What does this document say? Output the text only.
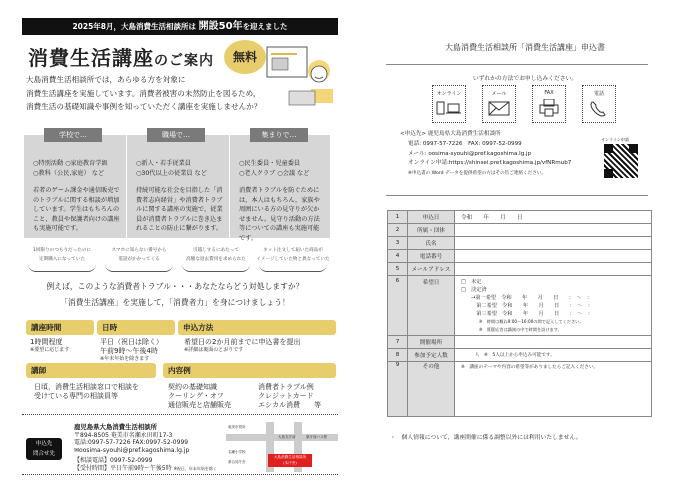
2025年8月，大島消費生活相談所は 開設50年を迎えました
消費生活講座のご案内	無料
大島消費生活相談所では，あらゆる方を対象に
消費生活講座を実施しています。消費者被害の未然防止を図るため，
消費生活の基礎知識や事例を知っていただく講座を実施しませんか？
学校で…
○特別活動 ○家庭教育学級
○教科（公民,家庭） など
若者のゲーム課金や通信販売でのトラブルに関する相談が増加しています。学生はもちろんのこと，教員や保護者向けの講座も実施可能です。
職場で…
○新人・若手従業員
○30代以上の従業員 など
持続可能な社会を目指した「消費者志向経営」や消費者トラブルに関する講座の実施で，従業員が消費者トラブルに巻き込まれることの防止に繋がります。
集まりで…
○民生委員・児童委員
○老人クラブ ○会議 など
消費者トラブルを防ぐためには，本人はもちろん，家族や周囲にいる方の見守りが欠かせません。見守り活動の方法等についての講座も実施可能です。
1回限りのつもりだったのに
定期購入になっていた
スマホに知らない番号から
電話がかかってくる
引越しするにあたって
高額な退去費用を求められた
ネット注文して届いた商品が
イメージしていた物と異なっていた
例えば，このような消費者トラブル・・・あなたならどう対処しますか？
「消費生活講座」を実施して，「消費者力」を身につけましょう！
講座時間
1時間程度
※要望に応じます
日時
平日（祝日は除く）
午前9時～午後4時
※年末年始を除きます
申込方法
希望日の2か月前までに申込書を提出
※詳細は裏面のとおりです
講師
日頃，消費生活相談窓口で相談を
受けている専門の相談員等
内容例
契約の基礎知識
クーリング・オフ
通信販売と店舗販売
消費者トラブル例
クレジットカード
エシカル消費　　等
申込先
問合せ先
鹿児島県大島消費生活相談所
〒894-8505 奄美市名瀬永田町17-3
電話:0997-57-7226 FAX:0997-52-0999
✉oosima-syouhi@pref.kagoshima.lg.jp
【相談電話】0997-52-0999
【受付時間】平日午前9時～午後5時 ※祝日，年末年始を除く
奄美市役所
名瀬小学校
大島支庁前
県合同庁舎
県庁前バス停
大島消費生活相談所
(本庁舎)
大島消費生活相談所「消費生活講座」申込書
いずれかの方法でお申し込みください。
オンライン	メール	FAX	電話
<申込先> 鹿児島県大島消費生活相談所
電話: 0997-57-7226　FAX: 0997-52-0999
メール: oosima-syouhi@pref.kagoshima.lg.jp
オンライン申請:https://shinsei.pref.kagoshima.jp/vfNRmub7
※申込書の Word データを提供希望の方はその旨ご連絡ください。
オンライン申請
1	申込日	令和　　年　　月　　日
2	所属・団体	
3	氏名	
4	電話番号	
5	メールアドレス	
6	希望日	□　未定
□　決定済
→第一希望　令和　　年　　月　　日　　：　～　：
　第二希望　令和　　年　　月　　日　　：　～　：
　第三希望　令和　　年　　月　　日　　：　～　：
※　時間は概ね9:00～16:00の間で記入してください。
※　質疑応答は講演の中で時間を設けます。

7	開催場所	
8	参加予定人数	　　　人　※　5人以上から申込み可能です。
9	その他	※　講座のテーマや内容の希望等がありましたらご記入ください。
・　個人情報について，講座開催に係る調整以外には利用いたしません。
